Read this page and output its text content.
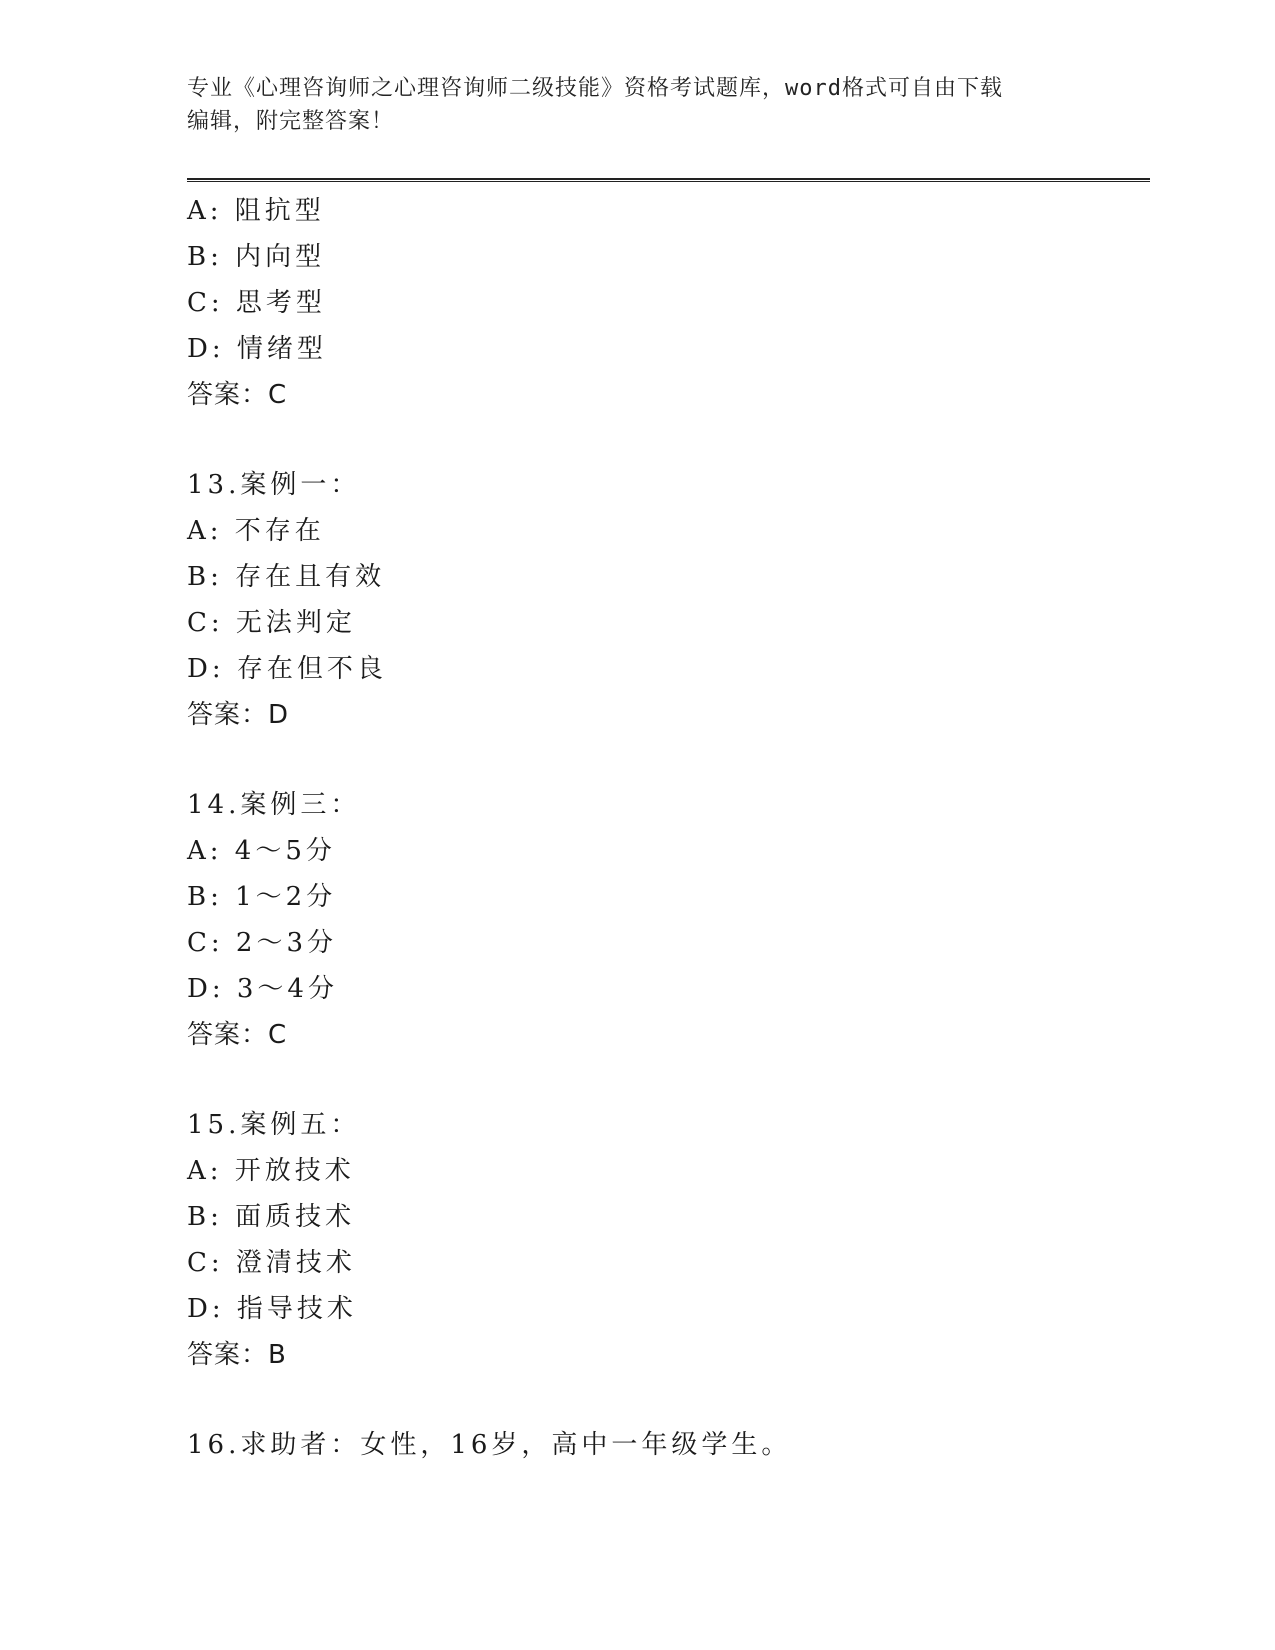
专业《心理咨询师之心理咨询师二级技能》资格考试题库，word格式可自由下载
编辑，附完整答案！
A: 阻抗型
B: 内向型
C: 思考型
D: 情绪型
答案：C
13.案例一：
A: 不存在
B: 存在且有效
C: 无法判定
D: 存在但不良
答案：D
14.案例三：
A: 4～5分
B: 1～2分
C: 2～3分
D: 3～4分
答案：C
15.案例五：
A: 开放技术
B: 面质技术
C: 澄清技术
D: 指导技术
答案：B
16.求助者：女性，16岁，高中一年级学生。
